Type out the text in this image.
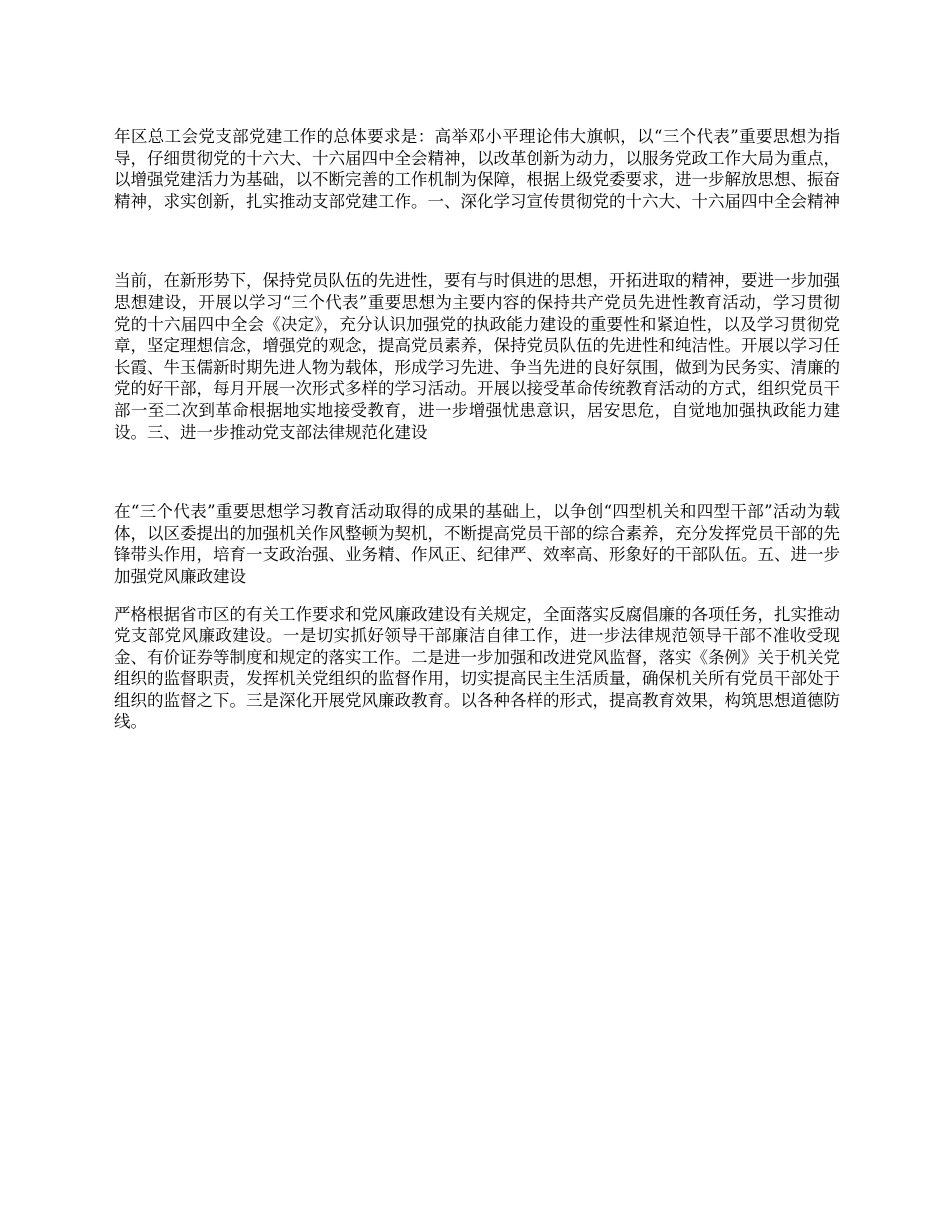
年区总工会党支部党建工作的总体要求是：高举邓小平理论伟大旗帜，以“三个代表”重要思想为指导，仔细贯彻党的十六大、十六届四中全会精神，以改革创新为动力，以服务党政工作大局为重点，以增强党建活力为基础，以不断完善的工作机制为保障，根据上级党委要求，进一步解放思想、振奋精神，求实创新，扎实推动支部党建工作。一、深化学习宣传贯彻党的十六大、十六届四中全会精神

当前，在新形势下，保持党员队伍的先进性，要有与时俱进的思想，开拓进取的精神，要进一步加强思想建设，开展以学习“三个代表”重要思想为主要内容的保持共产党员先进性教育活动，学习贯彻党的十六届四中全会《决定》，充分认识加强党的执政能力建设的重要性和紧迫性，以及学习贯彻党章，坚定理想信念，增强党的观念，提高党员素养，保持党员队伍的先进性和纯洁性。开展以学习任长霞、牛玉儒新时期先进人物为载体，形成学习先进、争当先进的良好氛围，做到为民务实、清廉的党的好干部，每月开展一次形式多样的学习活动。开展以接受革命传统教育活动的方式，组织党员干部一至二次到革命根据地实地接受教育，进一步增强忧患意识，居安思危，自觉地加强执政能力建设。三、进一步推动党支部法律规范化建设

在“三个代表”重要思想学习教育活动取得的成果的基础上，以争创“四型机关和四型干部”活动为载体，以区委提出的加强机关作风整顿为契机，不断提高党员干部的综合素养，充分发挥党员干部的先锋带头作用，培育一支政治强、业务精、作风正、纪律严、效率高、形象好的干部队伍。五、进一步加强党风廉政建设

严格根据省市区的有关工作要求和党风廉政建设有关规定，全面落实反腐倡廉的各项任务，扎实推动党支部党风廉政建设。一是切实抓好领导干部廉洁自律工作，进一步法律规范领导干部不准收受现金、有价证券等制度和规定的落实工作。二是进一步加强和改进党风监督，落实《条例》关于机关党组织的监督职责，发挥机关党组织的监督作用，切实提高民主生活质量，确保机关所有党员干部处于组织的监督之下。三是深化开展党风廉政教育。以各种各样的形式，提高教育效果，构筑思想道德防线。
